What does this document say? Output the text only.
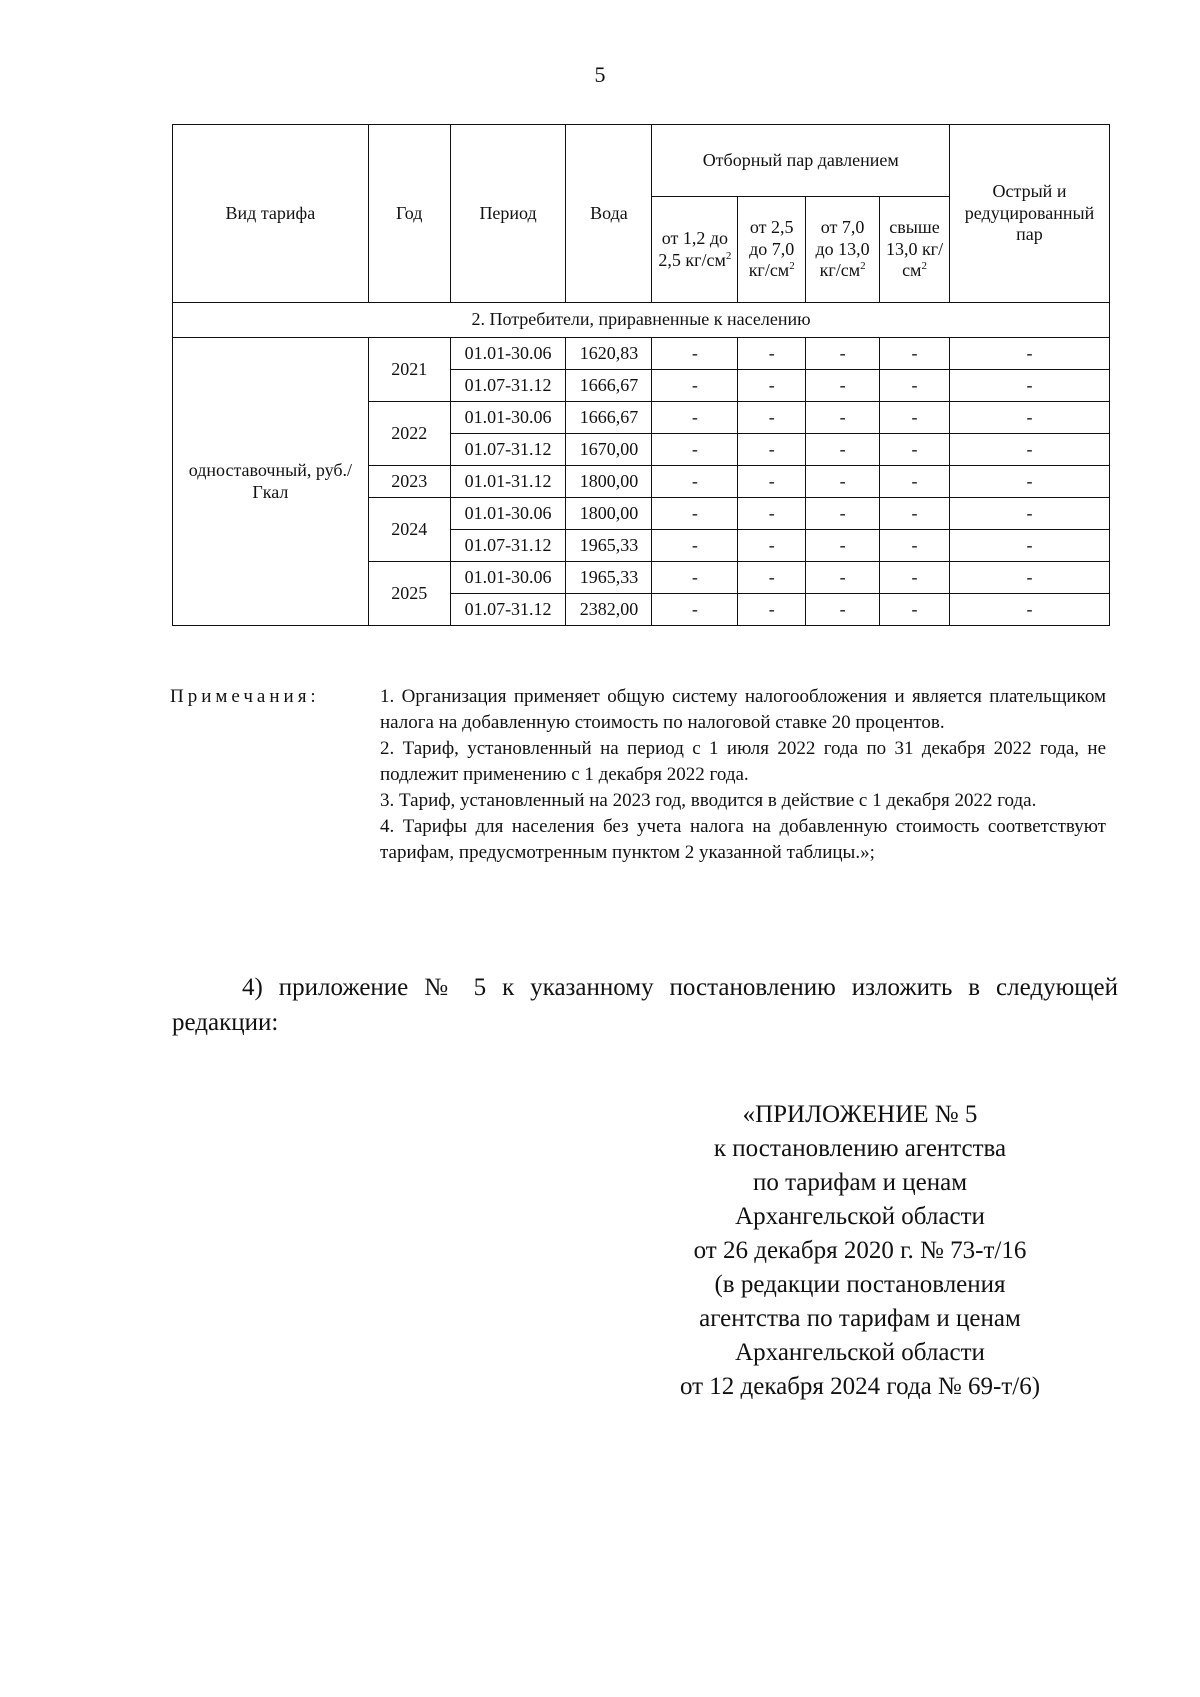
5
Вид тарифа	Год	Период	Вода	Отборный пар давлением				Острый и редуцированный пар
				от 1,2 до 2,5 $кг/см^2$	от 2,5 до 7,0 $кг/см^2$	от 7,0 до 13,0 $кг/см^2$	свыше 13,0 $кг/см^2$
2. Потребители, приравненные к населению								
одноставочный, руб./Гкал	2021	01.01-30.06	1620,83	-	-	-	-	-
		01.07-31.12	1666,67	-	-	-	-	-
	2022	01.01-30.06	1666,67	-	-	-	-	-
		01.07-31.12	1670,00	-	-	-	-	-
	2023	01.01-31.12	1800,00	-	-	-	-	-
	2024	01.01-30.06	1800,00	-	-	-	-	-
		01.07-31.12	1965,33	-	-	-	-	-
	2025	01.01-30.06	1965,33	-	-	-	-	-
		01.07-31.12	2382,00	-	-	-	-	-
Примечания:	1. Организация применяет общую систему налогообложения и является плательщиком налога на добавленную стоимость по налоговой ставке 20 процентов.

2. Тариф, установленный на период с 1 июля 2022 года по 31 декабря 2022 года, не подлежит применению с 1 декабря 2022 года.

3. Тариф, установленный на 2023 год, вводится в действие с 1 декабря 2022 года.

4. Тарифы для населения без учета налога на добавленную стоимость соответствуют тарифам, предусмотренным пунктом 2 указанной таблицы.»;

4) приложение № 5 к указанному постановлению изложить в следующей редакции:
«ПРИЛОЖЕНИЕ № 5
к постановлению агентства
по тарифам и ценам
Архангельской области
от 26 декабря 2020 г. № 73-т/16
(в редакции постановления
агентства по тарифам и ценам
Архангельской области
от 12 декабря 2024 года № 69-т/6)
